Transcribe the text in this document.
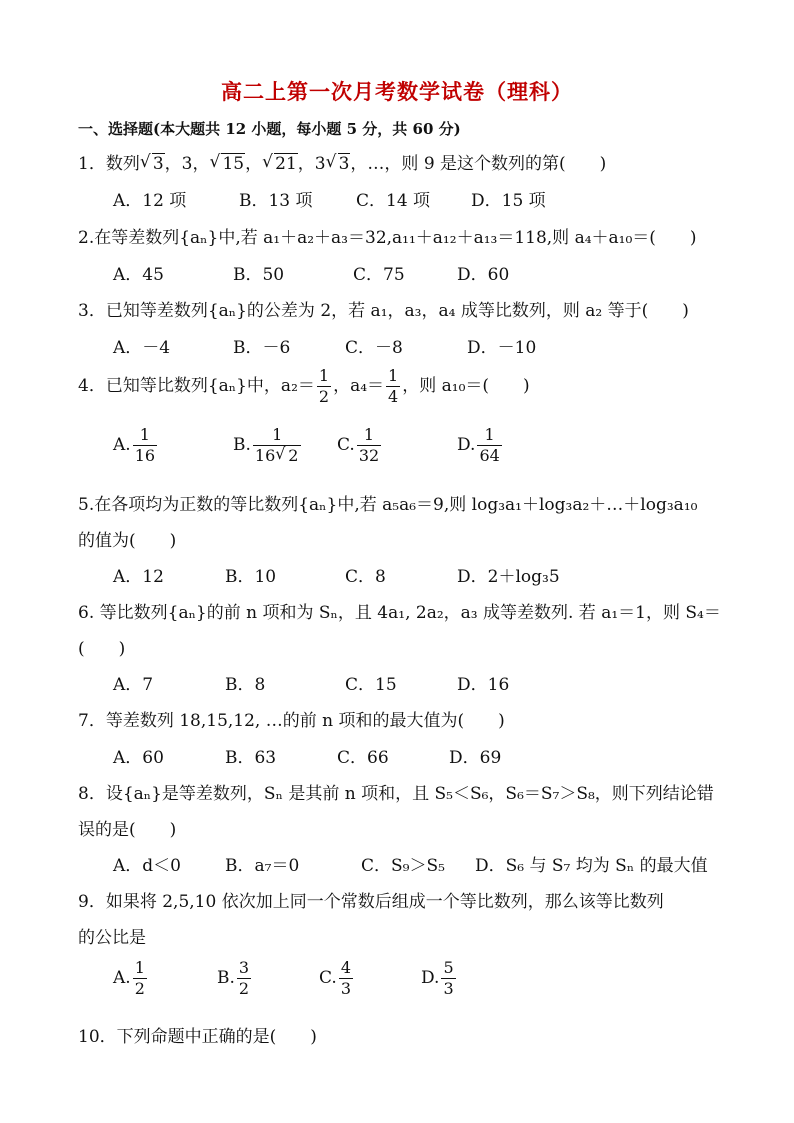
高二上第一次月考数学试卷（理科）
一、选择题(本大题共 12 小题，每小题 5 分，共 60 分)
1．数列 √ 3，3， √ 15， √ 21，3 √ 3，…，则 9 是这个数列的第(　　)
A．12 项	B．13 项	C．14 项 D．15 项
2.在等差数列{aₙ}中,若 a₁＋a₂＋a₃＝32,a₁₁＋a₁₂＋a₁₃＝118,则 a₄＋a₁₀＝(　　)
A．45	B．50	C．75	D．60
3．已知等差数列{aₙ}的公差为 2，若 a₁，a₃，a₄ 成等比数列，则 a₂ 等于(　　)
A．－4	B．－6	C．－8	D．－10
4．已知等比数列{aₙ}中，$a_2= \frac{1}{2}$ ，$a_4= \frac{1}{4}$ ，则 a₁₀＝(　　)
A. $\frac{1}{16}$	B. $\frac{1}{16 √ 2} C$. $\frac{1}{32}$	D. $\frac{1}{64}$
5.在各项均为正数的等比数列{aₙ}中,若 a₅a₆＝9,则 log₃a₁＋log₃a₂＋…＋log₃a₁₀
的值为(　　)
A．12	B．10	C．8	D．2＋log₃5
6. 等比数列{aₙ}的前 n 项和为 Sₙ，且 4a₁, 2a₂，a₃ 成等差数列. 若 a₁＝1，则 S₄＝
(　　)
A．7	B．8	C．15	D．16
7．等差数列 18,15,12, …的前 n 项和的最大值为(　　)
A．60	B．63	C．66	D．69
8．设{aₙ}是等差数列，Sₙ 是其前 n 项和，且 S₅＜S₆，S₆＝S₇＞S₈，则下列结论错
误的是(　　)
A．d＜0	B．a₇＝0	C．S₉＞S₅ D．S₆ 与 S₇ 均为 Sₙ 的最大值
9．如果将 2,5,10 依次加上同一个常数后组成一个等比数列，那么该等比数列
的公比是
A. $\frac{1}{2}$	B. $\frac{3}{2}$	C. $\frac{4}{3}$	D. $\frac{5}{3}$
10．下列命题中正确的是(　　)
